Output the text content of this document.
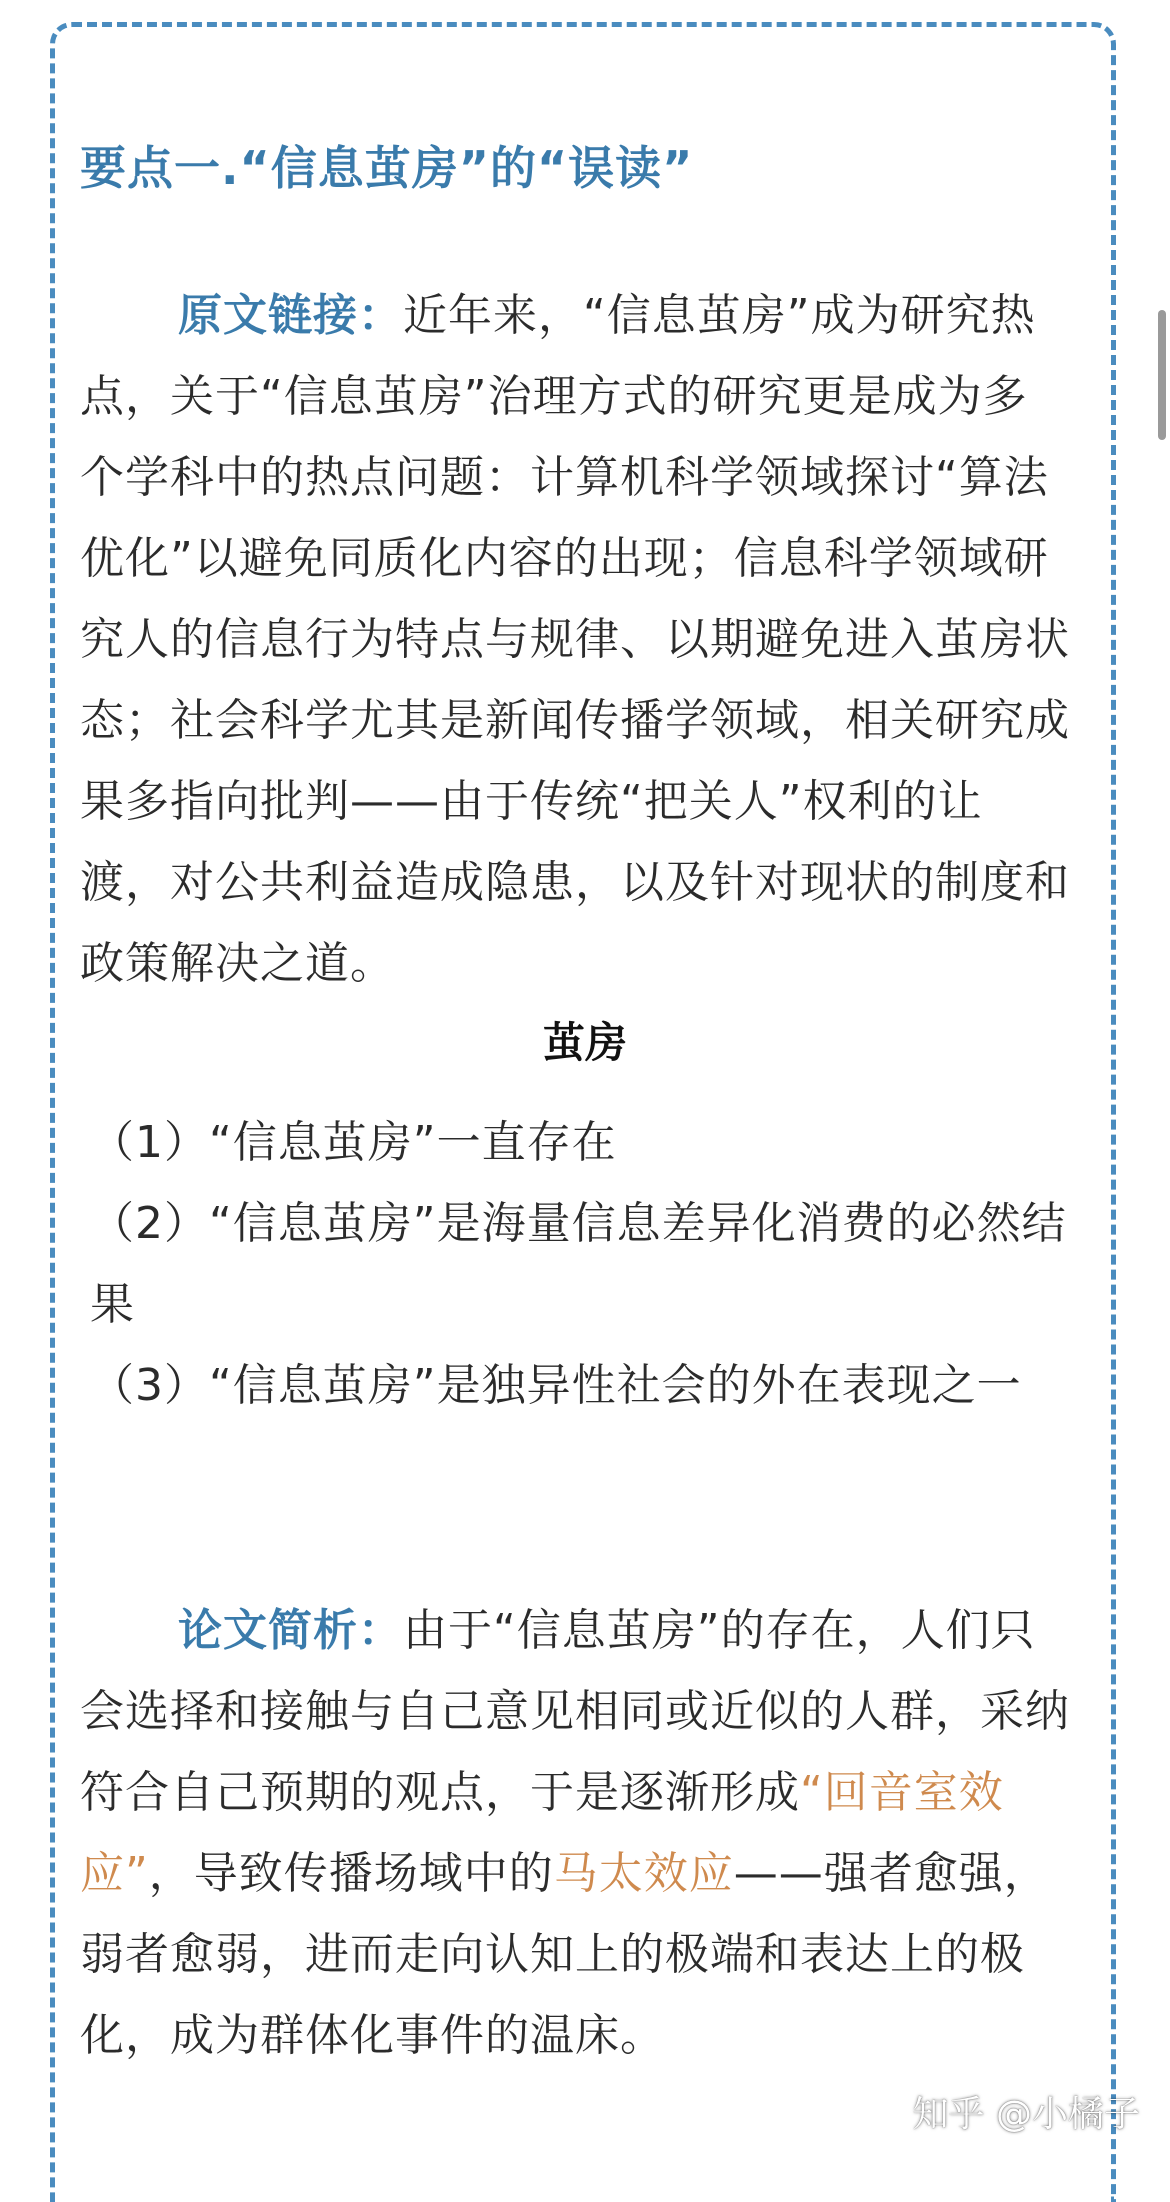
要点一.“信息茧房”的“误读”
原文链接：近年来，“信息茧房”成为研究热点，关于“信息茧房”治理方式的研究更是成为多个学科中的热点问题：计算机科学领域探讨“算法优化”以避免同质化内容的出现；信息科学领域研究人的信息行为特点与规律、以期避免进入茧房状态；社会科学尤其是新闻传播学领域，相关研究成果多指向批判——由于传统“把关人”权利的让渡，对公共利益造成隐患，以及针对现状的制度和政策解决之道。
茧房
（1）“信息茧房”一直存在
（2）“信息茧房”是海量信息差异化消费的必然结果
（3）“信息茧房”是独异性社会的外在表现之一
论文简析：由于“信息茧房”的存在，人们只会选择和接触与自己意见相同或近似的人群，采纳符合自己预期的观点，于是逐渐形成“回音室效应”，导致传播场域中的马太效应——强者愈强，弱者愈弱，进而走向认知上的极端和表达上的极化，成为群体化事件的温床。
知乎 @小橘子
